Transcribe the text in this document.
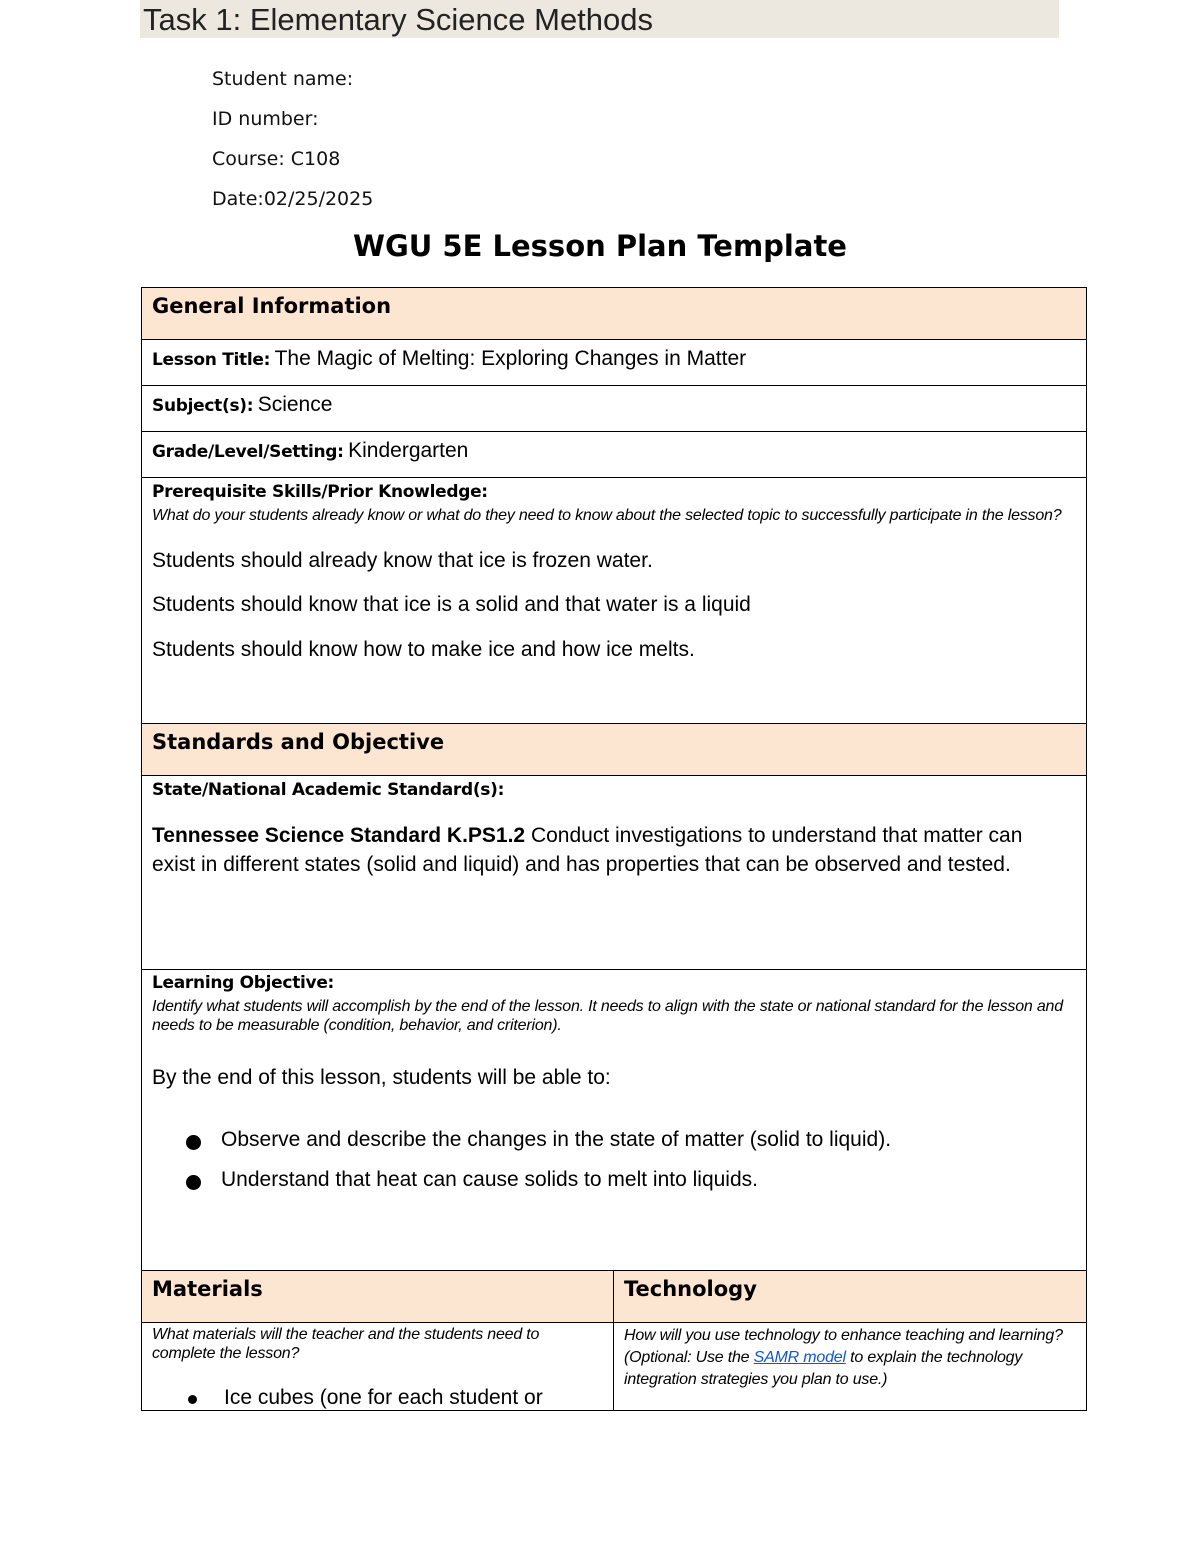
Task 1: Elementary Science Methods
Student name:
ID number:
Course: C108
Date:02/25/2025
WGU 5E Lesson Plan Template
General Information
Lesson Title: The Magic of Melting: Exploring Changes in Matter
Subject(s): Science
Grade/Level/Setting: Kindergarten
Prerequisite Skills/Prior Knowledge:
What do your students already know or what do they need to know about the selected topic to successfully participate in the lesson?
Students should already know that ice is frozen water.
Students should know that ice is a solid and that water is a liquid
Students should know how to make ice and how ice melts.
Standards and Objective
State/National Academic Standard(s):
Tennessee Science Standard K.PS1.2 Conduct investigations to understand that matter can exist in different states (solid and liquid) and has properties that can be observed and tested.
Learning Objective:
Identify what students will accomplish by the end of the lesson. It needs to align with the state or national standard for the lesson and needs to be measurable (condition, behavior, and criterion).
By the end of this lesson, students will be able to:
Observe and describe the changes in the state of matter (solid to liquid).
Understand that heat can cause solids to melt into liquids.
Materials	Technology
What materials will the teacher and the students need to complete the lesson?
Ice cubes (one for each student or
How will you use technology to enhance teaching and learning? (Optional: Use the SAMR model to explain the technology integration strategies you plan to use.)
